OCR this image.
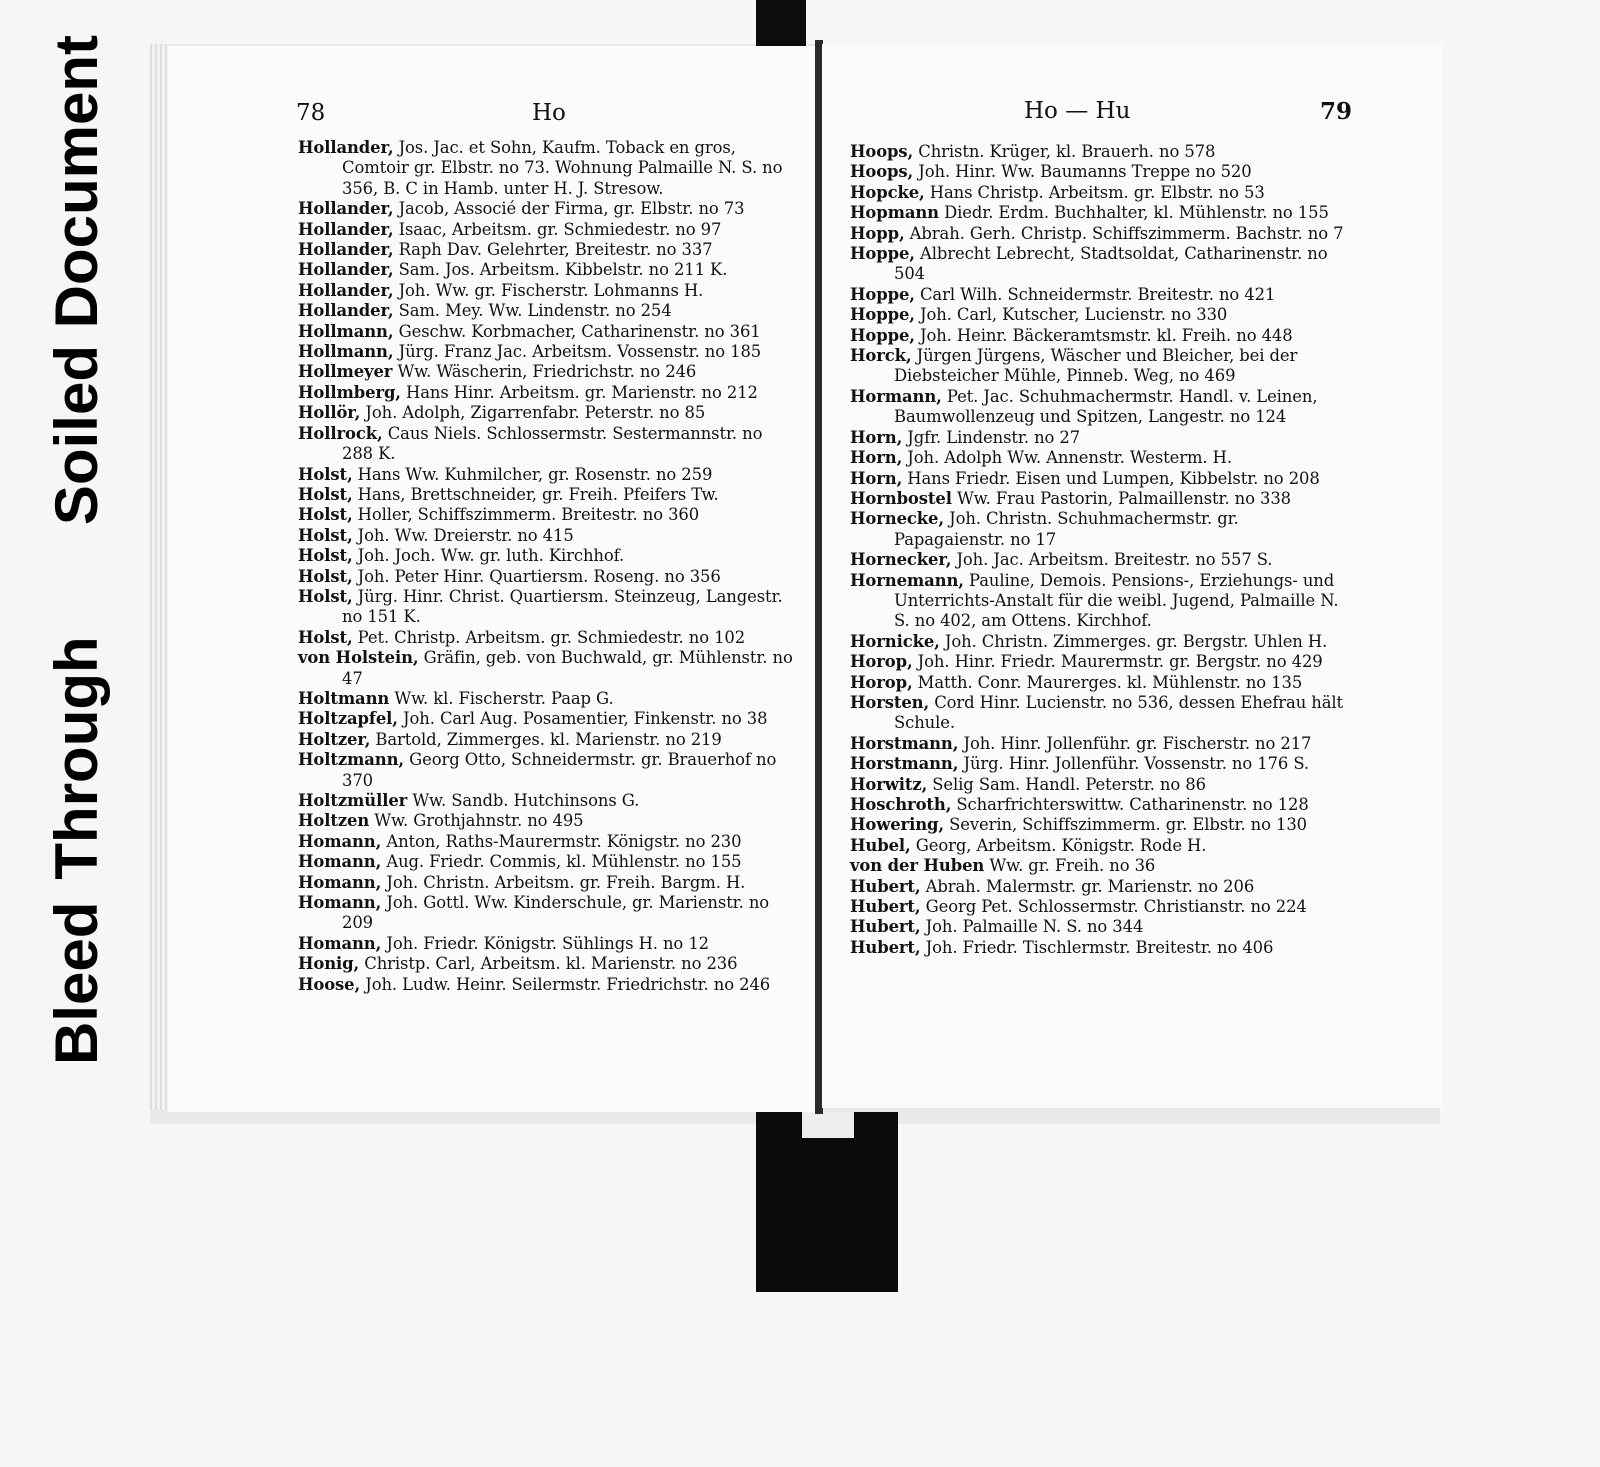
BleedThrough
Soiled Document	78	Ho
Hollander, Jos. Jac. et Sohn, Kaufm. Toback en gros, Comtoir gr. Elbstr. no 73. Wohnung Palmaille N. S. no 356, B. C in Hamb. unter H. J. Stresow.
Hollander, Jacob, Associé der Firma, gr. Elbstr. no 73
Hollander, Isaac, Arbeitsm. gr. Schmiedestr. no 97
Hollander, Raph Dav. Gelehrter, Breitestr. no 337
Hollander, Sam. Jos. Arbeitsm. Kibbelstr. no 211 K.
Hollander, Joh. Ww. gr. Fischerstr. Lohmanns H.
Hollander, Sam. Mey. Ww. Lindenstr. no 254
Hollmann, Geschw. Korbmacher, Catharinenstr. no 361
Hollmann, Jürg. Franz Jac. Arbeitsm. Vossenstr. no 185
Hollmeyer Ww. Wäscherin, Friedrichstr. no 246
Hollmberg, Hans Hinr. Arbeitsm. gr. Marienstr. no 212
Hollör, Joh. Adolph, Zigarrenfabr. Peterstr. no 85
Hollrock, Caus Niels. Schlossermstr. Sestermannstr. no 288 K.
Holst, Hans Ww. Kuhmilcher, gr. Rosenstr. no 259
Holst, Hans, Brettschneider, gr. Freih. Pfeifers Tw.
Holst, Holler, Schiffszimmerm. Breitestr. no 360
Holst, Joh. Ww. Dreierstr. no 415
Holst, Joh. Joch. Ww. gr. luth. Kirchhof.
Holst, Joh. Peter Hinr. Quartiersm. Roseng. no 356
Holst, Jürg. Hinr. Christ. Quartiersm. Steinzeug, Langestr. no 151 K.
Holst, Pet. Christp. Arbeitsm. gr. Schmiedestr. no 102
von Holstein, Gräfin, geb. von Buchwald, gr. Mühlenstr. no 47
Holtmann Ww. kl. Fischerstr. Paap G.
Holtzapfel, Joh. Carl Aug. Posamentier, Finkenstr. no 38
Holtzer, Bartold, Zimmerges. kl. Marienstr. no 219
Holtzmann, Georg Otto, Schneidermstr. gr. Brauerhof no 370
Holtzmüller Ww. Sandb. Hutchinsons G.
Holtzen Ww. Grothjahnstr. no 495
Homann, Anton, Raths-Maurermstr. Königstr. no 230
Homann, Aug. Friedr. Commis, kl. Mühlenstr. no 155
Homann, Joh. Christn. Arbeitsm. gr. Freih. Bargm. H.
Homann, Joh. Gottl. Ww. Kinderschule, gr. Marienstr. no 209
Homann, Joh. Friedr. Königstr. Sühlings H. no 12
Honig, Christp. Carl, Arbeitsm. kl. Marienstr. no 236
Hoose, Joh. Ludw. Heinr. Seilermstr. Friedrichstr. no 246
Ho — Hu	79
Hoops, Christn. Krüger, kl. Brauerh. no 578
Hoops, Joh. Hinr. Ww. Baumanns Treppe no 520
Hopcke, Hans Christp. Arbeitsm. gr. Elbstr. no 53
Hopmann Diedr. Erdm. Buchhalter, kl. Mühlenstr. no 155
Hopp, Abrah. Gerh. Christp. Schiffszimmerm. Bachstr. no 7
Hoppe, Albrecht Lebrecht, Stadtsoldat, Catharinenstr. no 504
Hoppe, Carl Wilh. Schneidermstr. Breitestr. no 421
Hoppe, Joh. Carl, Kutscher, Lucienstr. no 330
Hoppe, Joh. Heinr. Bäckeramtsmstr. kl. Freih. no 448
Horck, Jürgen Jürgens, Wäscher und Bleicher, bei der Diebsteicher Mühle, Pinneb. Weg, no 469
Hormann, Pet. Jac. Schuhmachermstr. Handl. v. Leinen, Baumwollenzeug und Spitzen, Langestr. no 124
Horn, Jgfr. Lindenstr. no 27
Horn, Joh. Adolph Ww. Annenstr. Westerm. H.
Horn, Hans Friedr. Eisen und Lumpen, Kibbelstr. no 208
Hornbostel Ww. Frau Pastorin, Palmaillenstr. no 338
Hornecke, Joh. Christn. Schuhmachermstr. gr. Papagaienstr. no 17
Hornecker, Joh. Jac. Arbeitsm. Breitestr. no 557 S.
Hornemann, Pauline, Demois. Pensions-, Erziehungs- und Unterrichts-Anstalt für die weibl. Jugend, Palmaille N. S. no 402, am Ottens. Kirchhof.
Hornicke, Joh. Christn. Zimmerges. gr. Bergstr. Uhlen H.
Horop, Joh. Hinr. Friedr. Maurermstr. gr. Bergstr. no 429
Horop, Matth. Conr. Maurerges. kl. Mühlenstr. no 135
Horsten, Cord Hinr. Lucienstr. no 536, dessen Ehefrau hält Schule.
Horstmann, Joh. Hinr. Jollenführ. gr. Fischerstr. no 217
Horstmann, Jürg. Hinr. Jollenführ. Vossenstr. no 176 S.
Horwitz, Selig Sam. Handl. Peterstr. no 86
Hoschroth, Scharfrichterswittw. Catharinenstr. no 128
Howering, Severin, Schiffszimmerm. gr. Elbstr. no 130
Hubel, Georg, Arbeitsm. Königstr. Rode H.
von der Huben Ww. gr. Freih. no 36
Hubert, Abrah. Malermstr. gr. Marienstr. no 206
Hubert, Georg Pet. Schlossermstr. Christianstr. no 224
Hubert, Joh. Palmaille N. S. no 344
Hubert, Joh. Friedr. Tischlermstr. Breitestr. no 406
